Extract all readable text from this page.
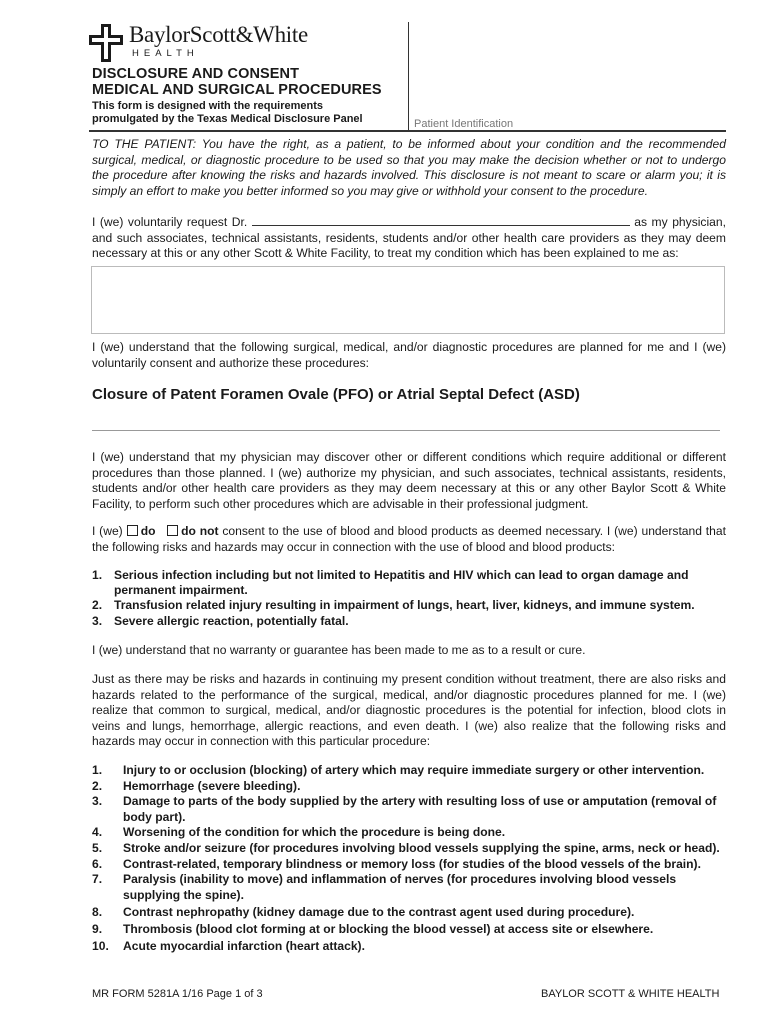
BaylorScott&White
HEALTH
Patient Identification
DISCLOSURE AND CONSENT
MEDICAL AND SURGICAL PROCEDURES
This form is designed with the requirements
promulgated by the Texas Medical Disclosure Panel
TO THE PATIENT: You have the right, as a patient, to be informed about your condition and the recommended surgical, medical, or diagnostic procedure to be used so that you may make the decision whether or not to undergo the procedure after knowing the risks and hazards involved. This disclosure is not meant to scare or alarm you; it is simply an effort to make you better informed so you may give or withhold your consent to the procedure.
I (we) voluntarily request Dr.	as my physician, and such associates, technical assistants, residents, students and/or other health care providers as they may deem necessary at this or any other Scott & White Facility, to treat my condition which has been explained to me as:
I (we) understand that the following surgical, medical, and/or diagnostic procedures are planned for me and I (we) voluntarily consent and authorize these procedures:
Closure of Patent Foramen Ovale (PFO) or Atrial Septal Defect (ASD)
I (we) understand that my physician may discover other or different conditions which require additional or different procedures than those planned. I (we) authorize my physician, and such associates, technical assistants, residents, students and/or other health care providers as they may deem necessary at this or any other Baylor Scott & White Facility, to perform such other procedures which are advisable in their professional judgment.
I (we) do do not consent to the use of blood and blood products as deemed necessary. I (we) understand that the following risks and hazards may occur in connection with the use of blood and blood products:
1. Serious infection including but not limited to Hepatitis and HIV which can lead to organ damage and permanent impairment.
2. Transfusion related injury resulting in impairment of lungs, heart, liver, kidneys, and immune system.
3. Severe allergic reaction, potentially fatal.
I (we) understand that no warranty or guarantee has been made to me as to a result or cure.
Just as there may be risks and hazards in continuing my present condition without treatment, there are also risks and hazards related to the performance of the surgical, medical, and/or diagnostic procedures planned for me. I (we) realize that common to surgical, medical, and/or diagnostic procedures is the potential for infection, blood clots in veins and lungs, hemorrhage, allergic reactions, and even death. I (we) also realize that the following risks and hazards may occur in connection with this particular procedure:
1. Injury to or occlusion (blocking) of artery which may require immediate surgery or other intervention.
2. Hemorrhage (severe bleeding).
3. Damage to parts of the body supplied by the artery with resulting loss of use or amputation (removal of body part).
4. Worsening of the condition for which the procedure is being done.
5. Stroke and/or seizure (for procedures involving blood vessels supplying the spine, arms, neck or head).
6. Contrast-related, temporary blindness or memory loss (for studies of the blood vessels of the brain).
7. Paralysis (inability to move) and inflammation of nerves (for procedures involving blood vessels supplying the spine).
8. Contrast nephropathy (kidney damage due to the contrast agent used during procedure).
9. Thrombosis (blood clot forming at or blocking the blood vessel) at access site or elsewhere.
10. Acute myocardial infarction (heart attack).
MR FORM 5281A 1/16 Page 1 of 3	BAYLOR SCOTT & WHITE HEALTH
